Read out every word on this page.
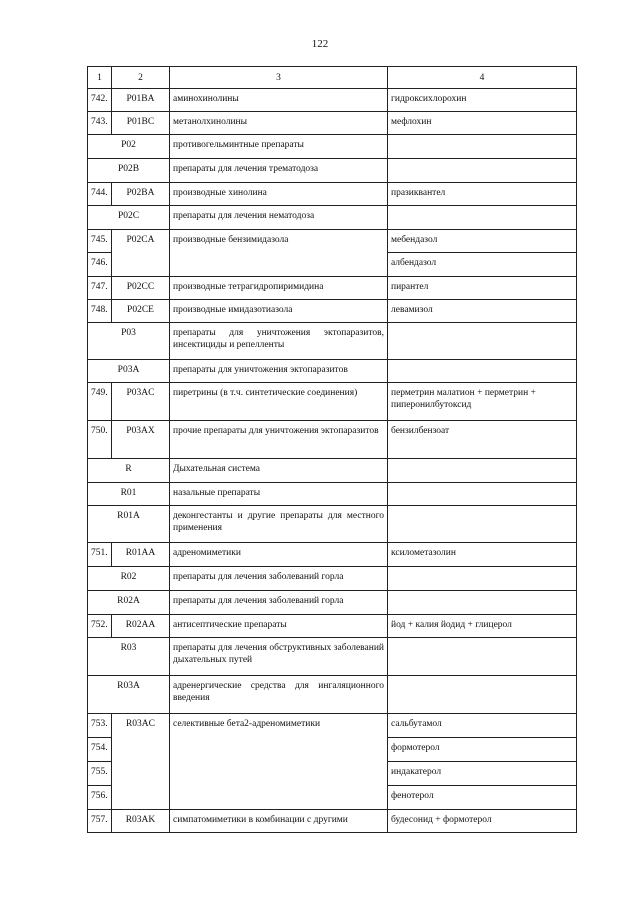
122
1	2	3	4
742.	P01BA	аминохинолины	гидроксихлорохин
743.	P01BC	метанолхинолины	мефлохин
P02		противогельминтные препараты	
P02B		препараты для лечения трематодоза	
744.	P02BA	производные хинолина	празиквантел
P02C		препараты для лечения нематодоза	
745.	P02CA	производные бензимидазола	мебендазол
746.			албендазол
747.	P02CC	производные тетрагидропиримидина	пирантел
748.	P02CE	производные имидазотиазола	левамизол
P03		препараты для уничтожения эктопаразитов, инсектициды и репелленты	
P03A		препараты для уничтожения эктопаразитов	
749.	P03AC	пиретрины (в т.ч. синтетические соединения)	перметрин малатион + перметрин + пиперонилбутоксид
750.	P03AX	прочие препараты для уничтожения эктопаразитов	бензилбензоат
R		Дыхательная система	
R01		назальные препараты	
R01A		деконгестанты и другие препараты для местного применения	
751.	R01AA	адреномиметики	ксилометазолин
R02		препараты для лечения заболеваний горла	
R02A		препараты для лечения заболеваний горла	
752.	R02AA	антисептические препараты	йод + калия йодид + глицерол
R03		препараты для лечения обструктивных заболеваний дыхательных путей	
R03A		адренергические средства для ингаляционного введения	
753.	R03AC	селективные бета2-адреномиметики	сальбутамол
754.			формотерол
755.			индакатерол
756.			фенотерол
757.	R03AK	симпатомиметики в комбинации с другими	будесонид + формотерол
